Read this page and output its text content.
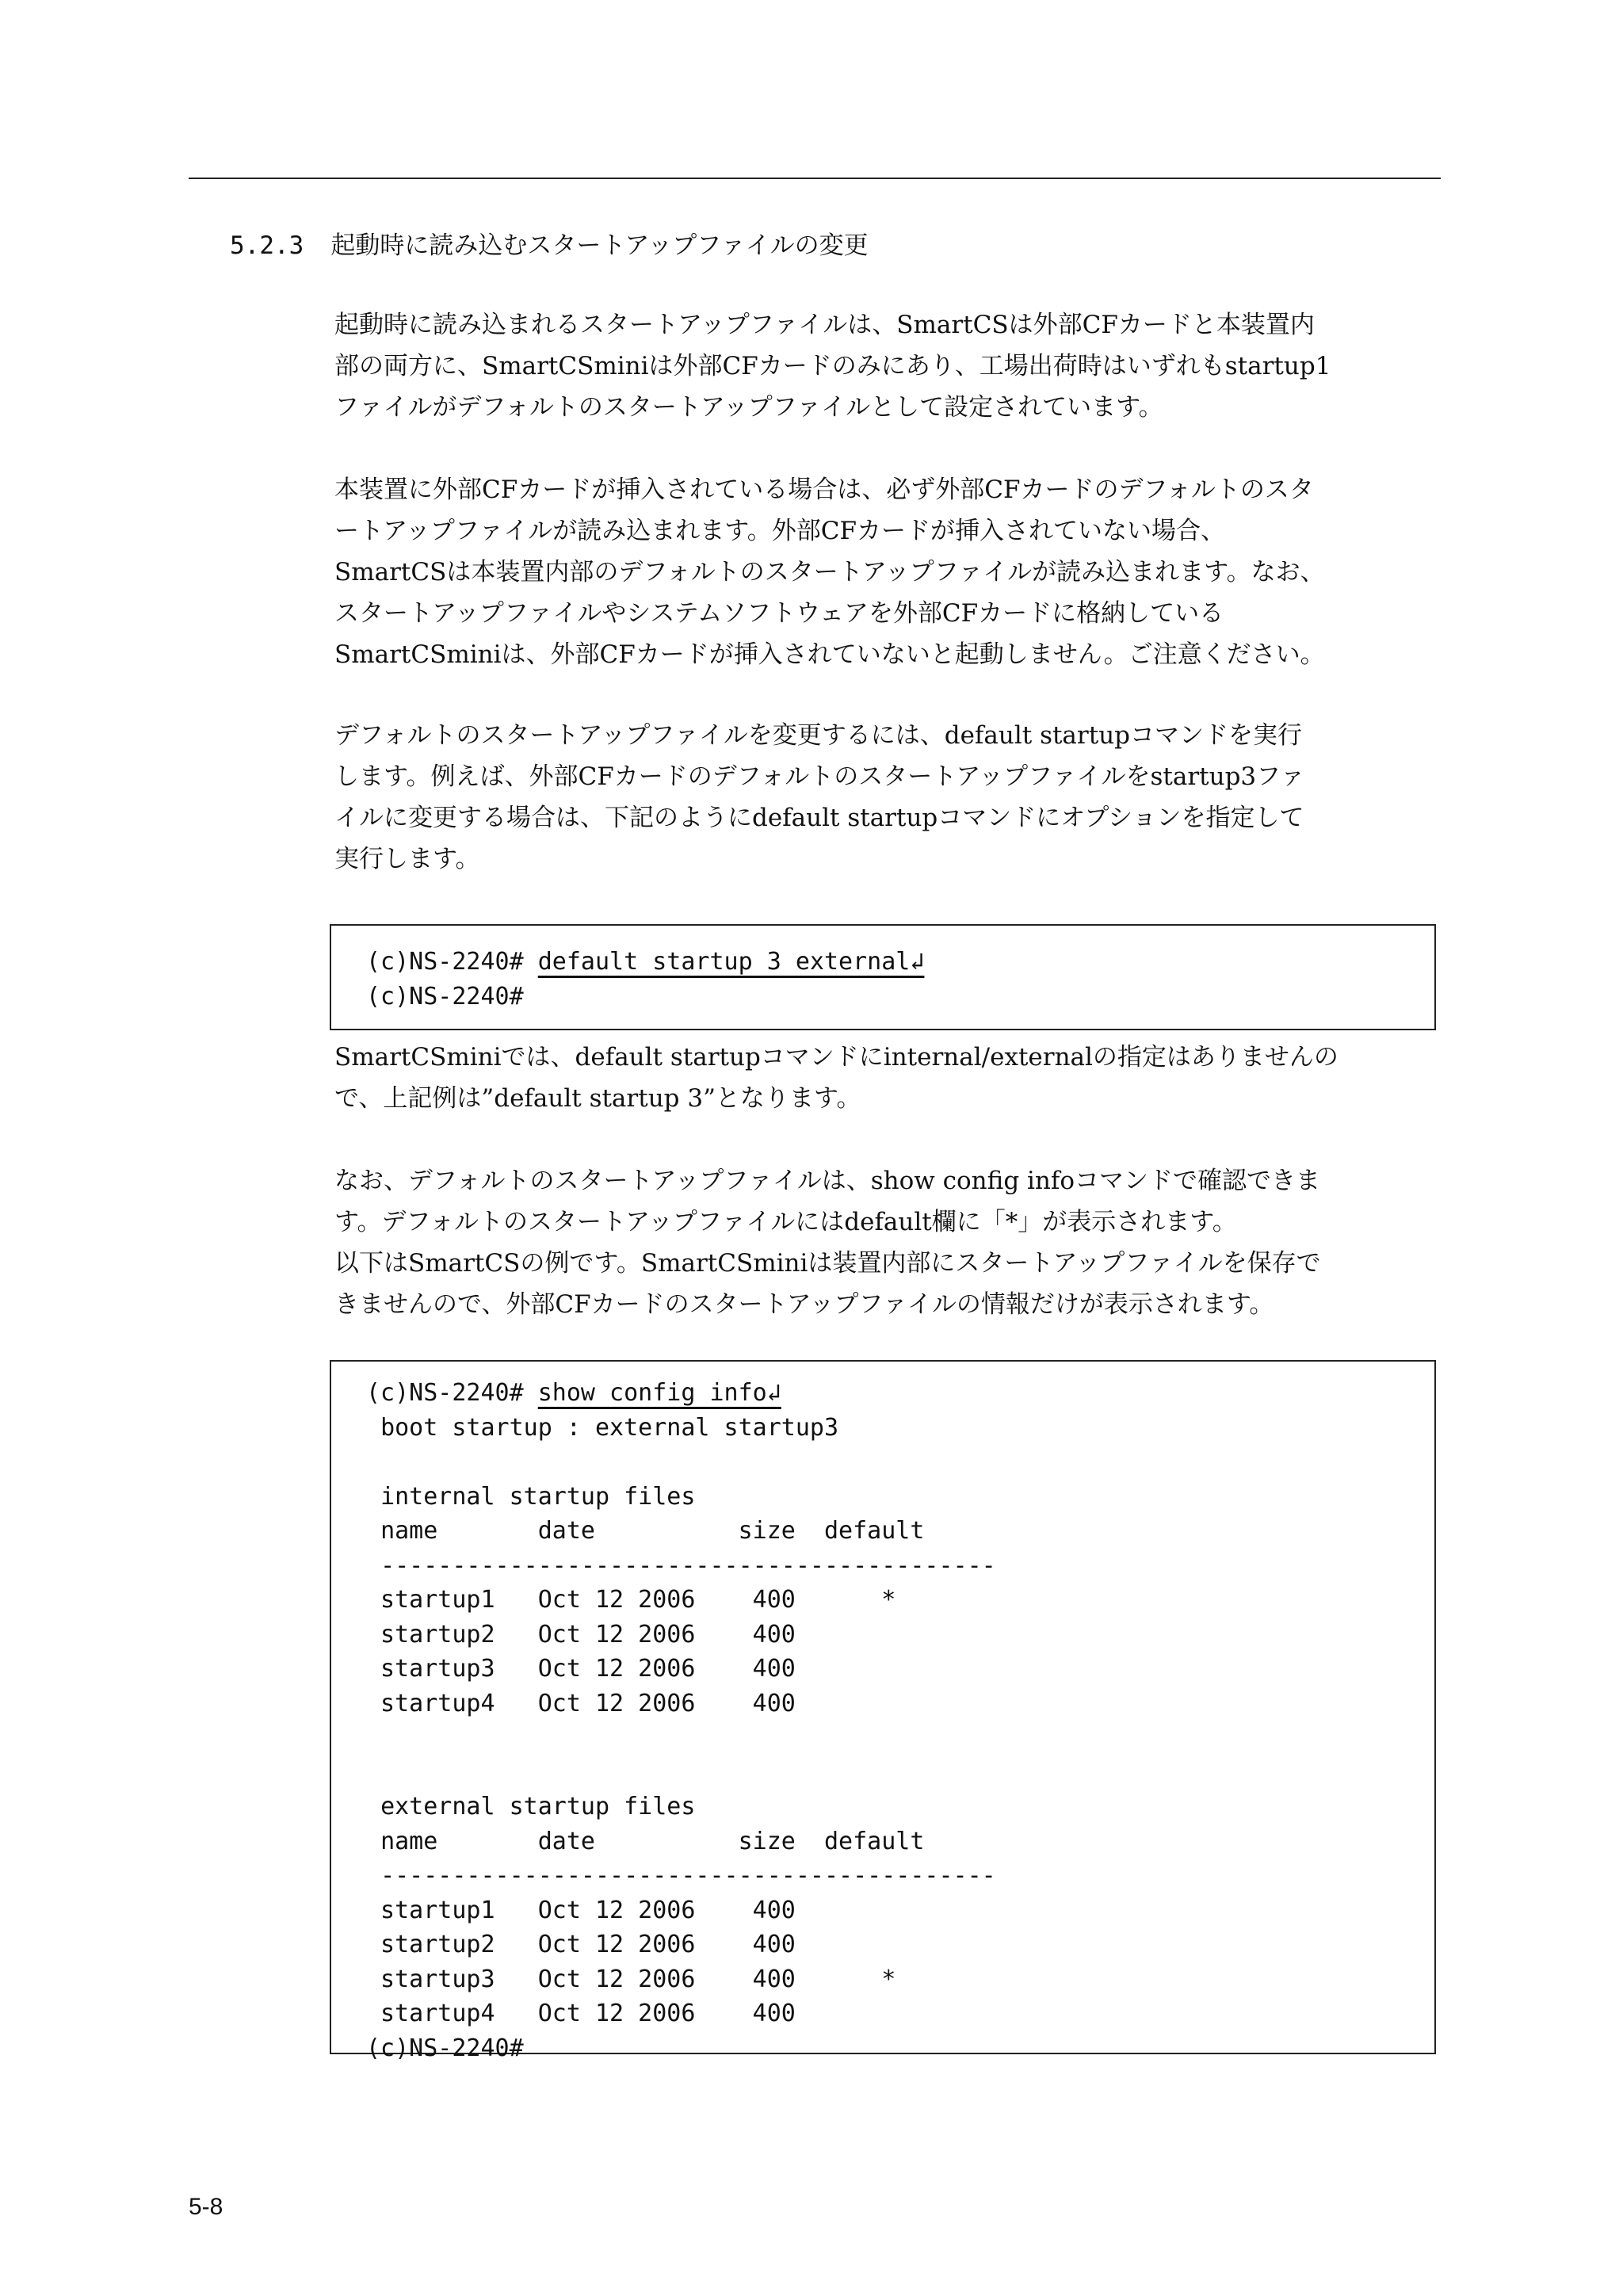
5.2.3 起動時に読み込むスタートアップファイルの変更

起動時に読み込まれるスタートアップファイルは、SmartCSは外部CFカードと本装置内
部の両方に、SmartCSminiは外部CFカードのみにあり、工場出荷時はいずれもstartup1
ファイルがデフォルトのスタートアップファイルとして設定されています。

本装置に外部CFカードが挿入されている場合は、必ず外部CFカードのデフォルトのスタ
ートアップファイルが読み込まれます。外部CFカードが挿入されていない場合、
SmartCSは本装置内部のデフォルトのスタートアップファイルが読み込まれます。なお、
スタートアップファイルやシステムソフトウェアを外部CFカードに格納している
SmartCSminiは、外部CFカードが挿入されていないと起動しません。ご注意ください。

デフォルトのスタートアップファイルを変更するには、default startupコマンドを実行
します。例えば、外部CFカードのデフォルトのスタートアップファイルをstartup3ファ
イルに変更する場合は、下記のようにdefault startupコマンドにオプションを指定して
実行します。

(c)NS-2240# default startup 3 external↲
(c)NS-2240#

SmartCSminiでは、default startupコマンドにinternal/externalの指定はありませんの
で、上記例は”default startup 3”となります。

なお、デフォルトのスタートアップファイルは、show config infoコマンドで確認できま
す。デフォルトのスタートアップファイルにはdefault欄に「*」が表示されます。
以下はSmartCSの例です。SmartCSminiは装置内部にスタートアップファイルを保存で
きませんので、外部CFカードのスタートアップファイルの情報だけが表示されます。

(c)NS-2240# show config info↲
boot startup : external startup3

internal startup files
name       date          size  default
-------------------------------------------
startup1   Oct 12 2006    400      *
startup2   Oct 12 2006    400
startup3   Oct 12 2006    400
startup4   Oct 12 2006    400

external startup files
name       date          size  default
-------------------------------------------
startup1   Oct 12 2006    400
startup2   Oct 12 2006    400
startup3   Oct 12 2006    400      *
startup4   Oct 12 2006    400
(c)NS-2240#
5-8
